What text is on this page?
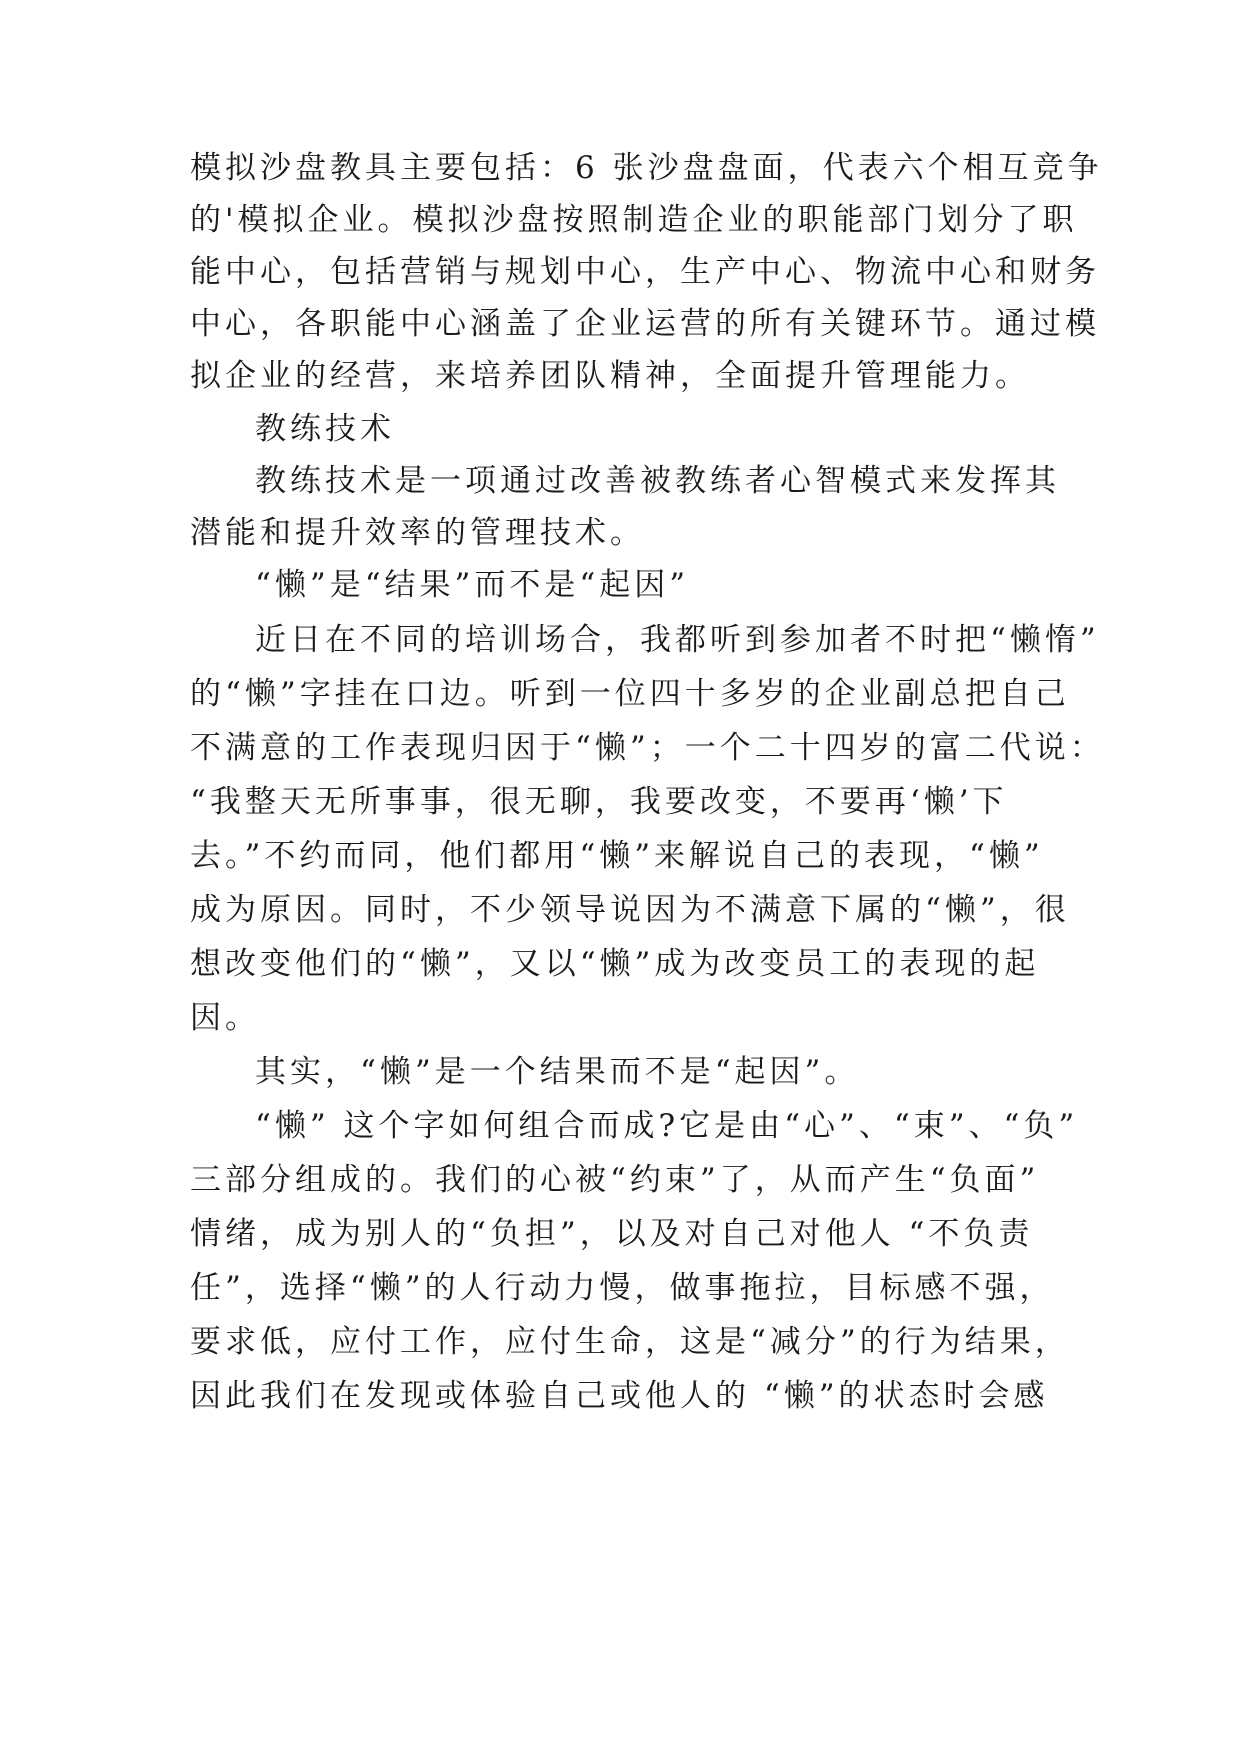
模拟沙盘教具主要包括：6 张沙盘盘面，代表六个相互竞争
的'模拟企业。模拟沙盘按照制造企业的职能部门划分了职
能中心，包括营销与规划中心，生产中心、物流中心和财务
中心，各职能中心涵盖了企业运营的所有关键环节。通过模
拟企业的经营，来培养团队精神，全面提升管理能力。
教练技术
教练技术是一项通过改善被教练者心智模式来发挥其
潜能和提升效率的管理技术。
“懒”是“结果”而不是“起因”
近日在不同的培训场合，我都听到参加者不时把“懒惰”
的“懒”字挂在口边。听到一位四十多岁的企业副总把自己
不满意的工作表现归因于“懒”；一个二十四岁的富二代说：
“我整天无所事事，很无聊，我要改变，不要再‘懒’下
去。”不约而同，他们都用“懒”来解说自己的表现，“懒”
成为原因。同时，不少领导说因为不满意下属的“懒”，很
想改变他们的“懒”，又以“懒”成为改变员工的表现的起
因。
其实，“懒”是一个结果而不是“起因”。
“懒” 这个字如何组合而成?它是由“心”、“束”、“负”
三部分组成的。我们的心被“约束”了，从而产生“负面”
情绪，成为别人的“负担”，以及对自己对他人 “不负责
任”，选择“懒”的人行动力慢，做事拖拉，目标感不强，
要求低，应付工作，应付生命，这是“减分”的行为结果，
因此我们在发现或体验自己或他人的 “懒”的状态时会感
